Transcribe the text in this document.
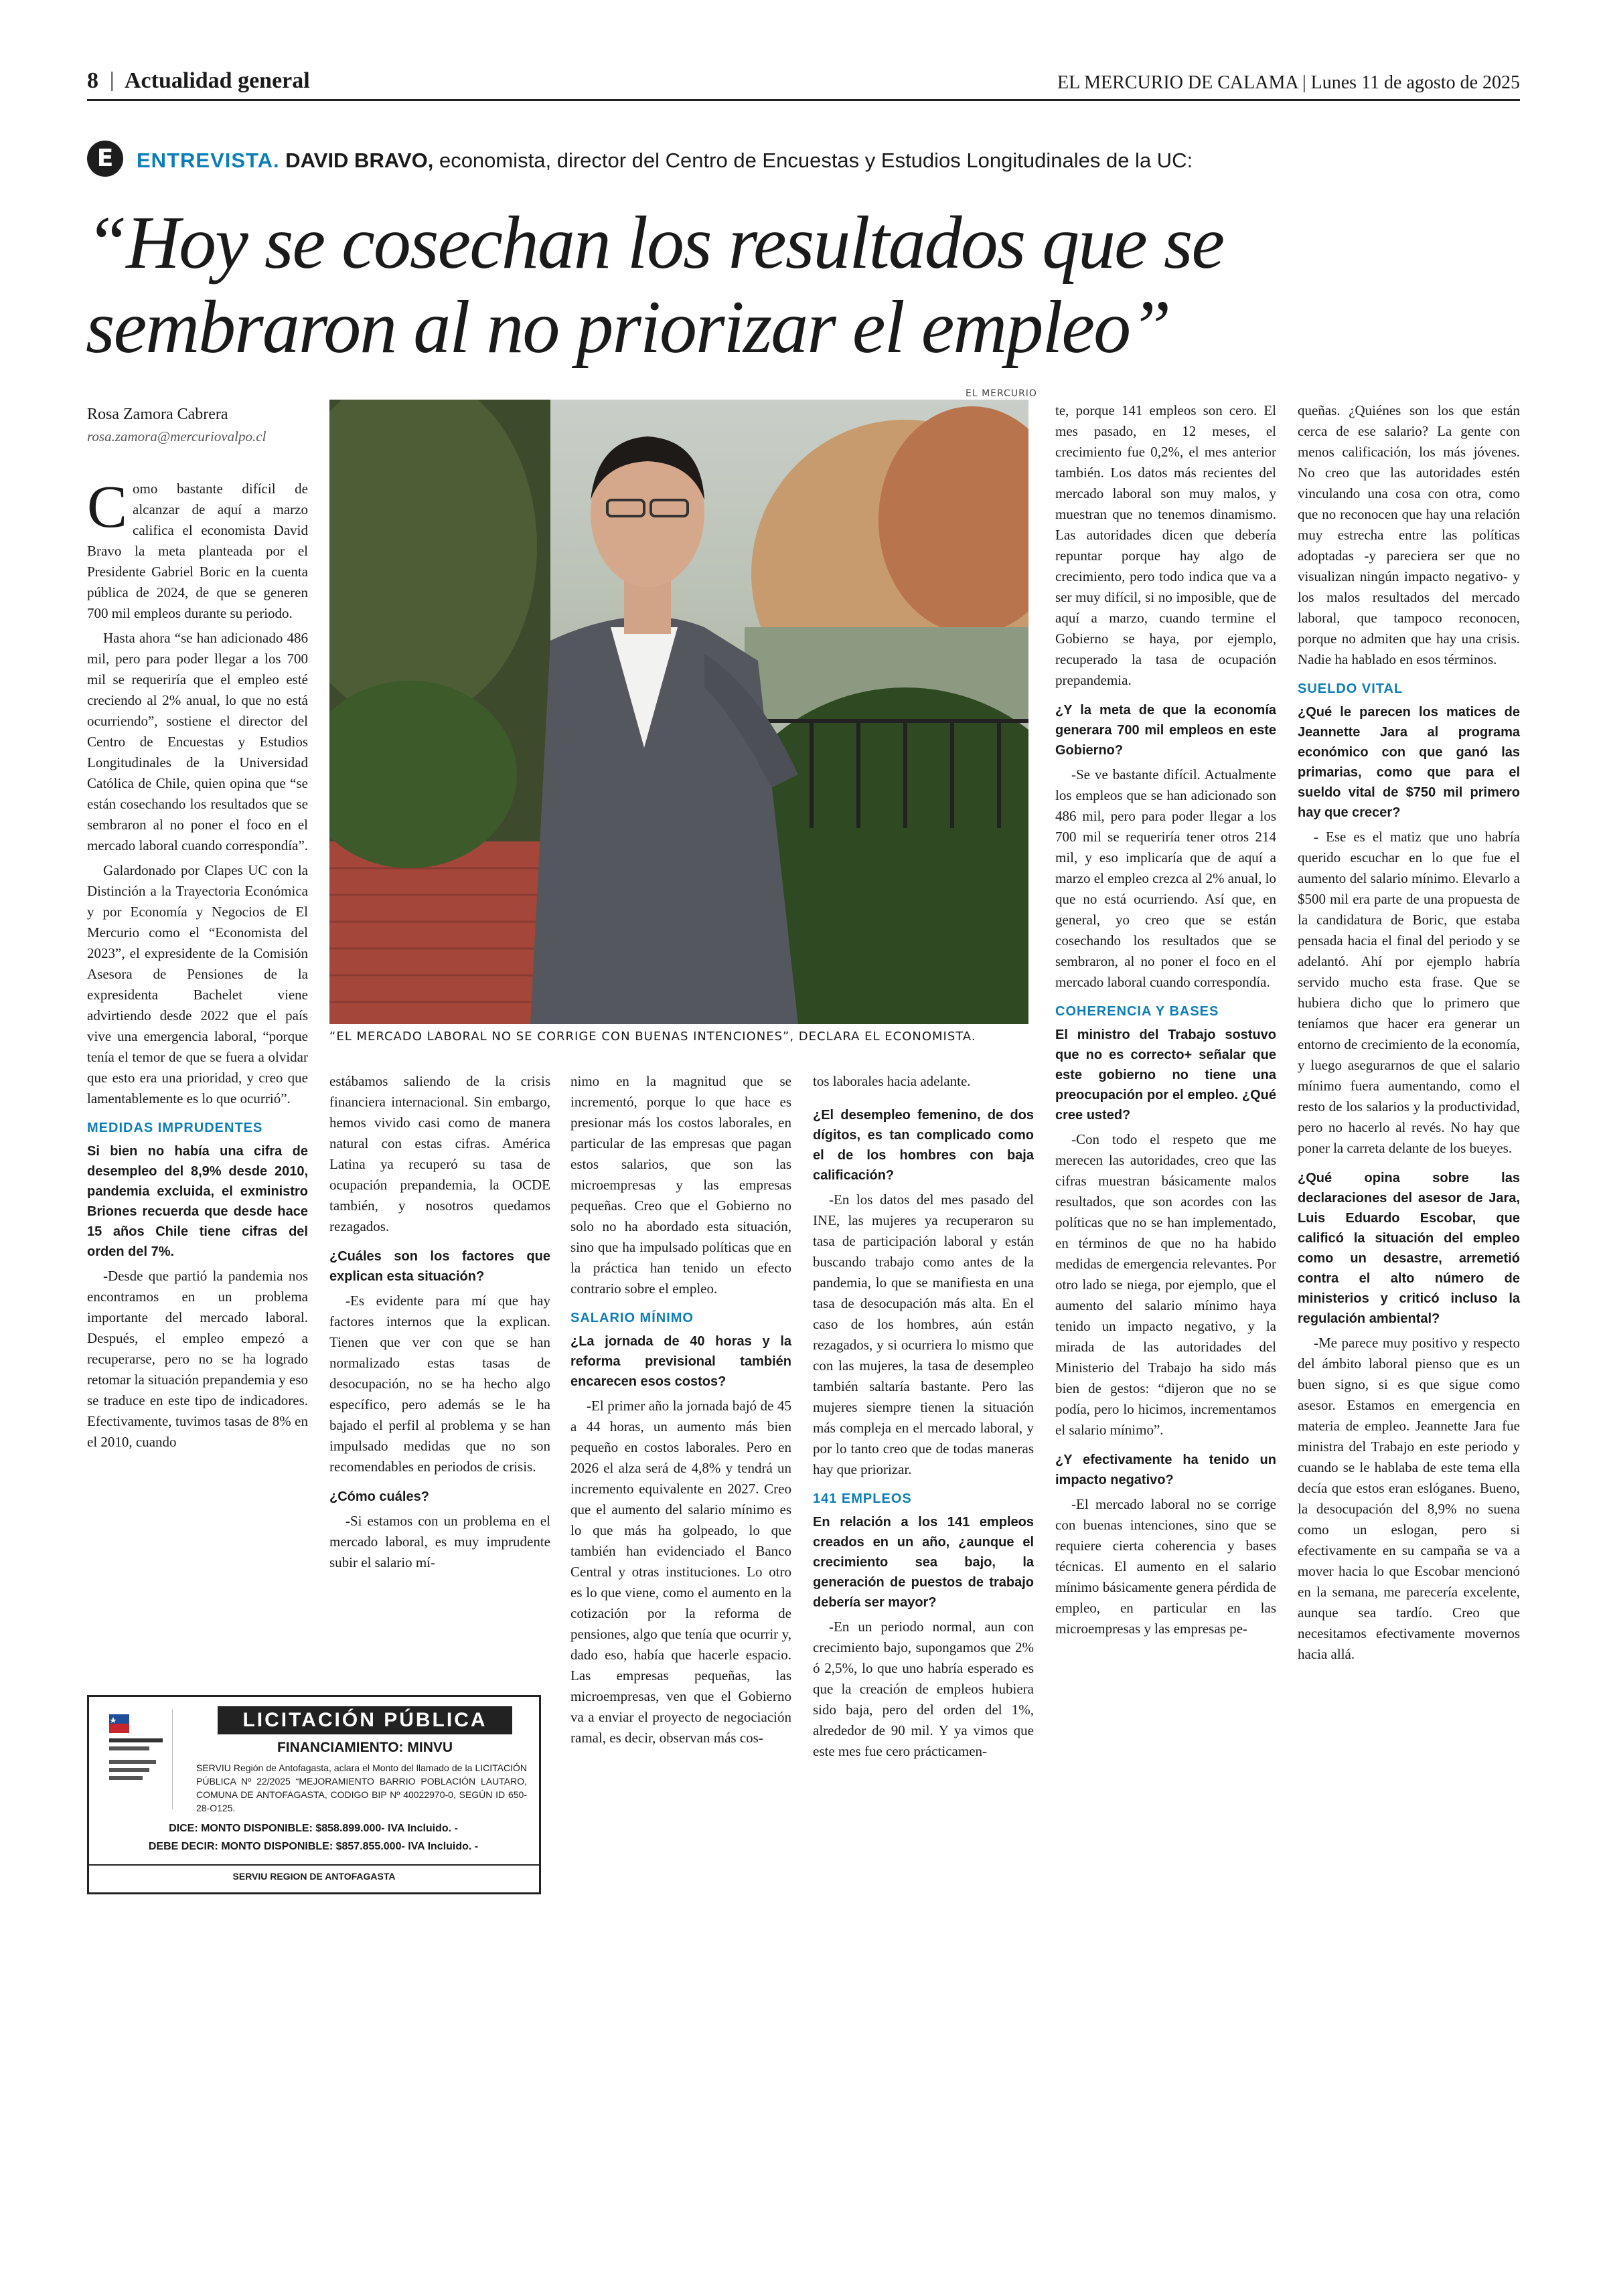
8 | Actualidad general	EL MERCURIO DE CALAMA | Lunes 11 de agosto de 2025
E	ENTREVISTA. DAVID BRAVO, economista, director del Centro de Encuestas y Estudios Longitudinales de la UC:
“Hoy se cosechan los resultados que se
sembraron al no priorizar el empleo”
Rosa Zamora Cabrera
rosa.zamora@mercuriovalpo.cl
EL MERCURIO
“EL MERCADO LABORAL NO SE CORRIGE CON BUENAS INTENCIONES”, DECLARA EL ECONOMISTA.

Como bastante difícil de alcanzar de aquí a marzo califica el economista David Bravo la meta planteada por el Presidente Gabriel Boric en la cuenta pública de 2024, de que se generen 700 mil empleos durante su periodo.

Hasta ahora “se han adicionado 486 mil, pero para poder llegar a los 700 mil se requeriría que el empleo esté creciendo al 2% anual, lo que no está ocurriendo”, sostiene el director del Centro de Encuestas y Estudios Longitudinales de la Universidad Católica de Chile, quien opina que “se están cosechando los resultados que se sembraron al no poner el foco en el mercado laboral cuando correspondía”.

Galardonado por Clapes UC con la Distinción a la Trayectoria Económica y por Economía y Negocios de El Mercurio como el “Economista del 2023”, el expresidente de la Comisión Asesora de Pensiones de la expresidenta Bachelet viene advirtiendo desde 2022 que el país vive una emergencia laboral, “porque tenía el temor de que se fuera a olvidar que esto era una prioridad, y creo que lamentablemente es lo que ocurrió”.

MEDIDAS IMPRUDENTES

Si bien no había una cifra de desempleo del 8,9% desde 2010, pandemia excluida, el exministro Briones recuerda que desde hace 15 años Chile tiene cifras del orden del 7%.

-Desde que partió la pandemia nos encontramos en un problema importante del mercado laboral. Después, el empleo empezó a recuperarse, pero no se ha logrado retomar la situación prepandemia y eso se traduce en este tipo de indicadores. Efectivamente, tuvimos tasas de 8% en el 2010, cuando

estábamos saliendo de la crisis financiera internacional. Sin embargo, hemos vivido casi como de manera natural con estas cifras. América Latina ya recuperó su tasa de ocupación prepandemia, la OCDE también, y nosotros quedamos rezagados.

¿Cuáles son los factores que explican esta situación?

-Es evidente para mí que hay factores internos que la explican. Tienen que ver con que se han normalizado estas tasas de desocupación, no se ha hecho algo específico, pero además se le ha bajado el perfil al problema y se han impulsado medidas que no son recomendables en periodos de crisis.

¿Cómo cuáles?

-Si estamos con un problema en el mercado laboral, es muy imprudente subir el salario mí-

nimo en la magnitud que se incrementó, porque lo que hace es presionar más los costos laborales, en particular de las empresas que pagan estos salarios, que son las microempresas y las empresas pequeñas. Creo que el Gobierno no solo no ha abordado esta situación, sino que ha impulsado políticas que en la práctica han tenido un efecto contrario sobre el empleo.

SALARIO MÍNIMO

¿La jornada de 40 horas y la reforma previsional también encarecen esos costos?

-El primer año la jornada bajó de 45 a 44 horas, un aumento más bien pequeño en costos laborales. Pero en 2026 el alza será de 4,8% y tendrá un incremento equivalente en 2027. Creo que el aumento del salario mínimo es lo que más ha golpeado, lo que también han evidenciado el Banco Central y otras instituciones. Lo otro es lo que viene, como el aumento en la cotización por la reforma de pensiones, algo que tenía que ocurrir y, dado eso, había que hacerle espacio. Las empresas pequeñas, las microempresas, ven que el Gobierno va a enviar el proyecto de negociación ramal, es decir, observan más cos-

tos laborales hacia adelante.

¿El desempleo femenino, de dos dígitos, es tan complicado como el de los hombres con baja calificación?

-En los datos del mes pasado del INE, las mujeres ya recuperaron su tasa de participación laboral y están buscando trabajo como antes de la pandemia, lo que se manifiesta en una tasa de desocupación más alta. En el caso de los hombres, aún están rezagados, y si ocurriera lo mismo que con las mujeres, la tasa de desempleo también saltaría bastante. Pero las mujeres siempre tienen la situación más compleja en el mercado laboral, y por lo tanto creo que de todas maneras hay que priorizar.

141 EMPLEOS

En relación a los 141 empleos creados en un año, ¿aunque el crecimiento sea bajo, la generación de puestos de trabajo debería ser mayor?

-En un periodo normal, aun con crecimiento bajo, supongamos que 2% ó 2,5%, lo que uno habría esperado es que la creación de empleos hubiera sido baja, pero del orden del 1%, alrededor de 90 mil. Y ya vimos que este mes fue cero prácticamen-

te, porque 141 empleos son cero. El mes pasado, en 12 meses, el crecimiento fue 0,2%, el mes anterior también. Los datos más recientes del mercado laboral son muy malos, y muestran que no tenemos dinamismo. Las autoridades dicen que debería repuntar porque hay algo de crecimiento, pero todo indica que va a ser muy difícil, si no imposible, que de aquí a marzo, cuando termine el Gobierno se haya, por ejemplo, recuperado la tasa de ocupación prepandemia.

¿Y la meta de que la economía generara 700 mil empleos en este Gobierno?

-Se ve bastante difícil. Actualmente los empleos que se han adicionado son 486 mil, pero para poder llegar a los 700 mil se requeriría tener otros 214 mil, y eso implicaría que de aquí a marzo el empleo crezca al 2% anual, lo que no está ocurriendo. Así que, en general, yo creo que se están cosechando los resultados que se sembraron, al no poner el foco en el mercado laboral cuando correspondía.

COHERENCIA Y BASES

El ministro del Trabajo sostuvo que no es correcto+ señalar que este gobierno no tiene una preocupación por el empleo. ¿Qué cree usted?

-Con todo el respeto que me merecen las autoridades, creo que las cifras muestran básicamente malos resultados, que son acordes con las políticas que no se han implementado, en términos de que no ha habido medidas de emergencia relevantes. Por otro lado se niega, por ejemplo, que el aumento del salario mínimo haya tenido un impacto negativo, y la mirada de las autoridades del Ministerio del Trabajo ha sido más bien de gestos: “dijeron que no se podía, pero lo hicimos, incrementamos el salario mínimo”.

¿Y efectivamente ha tenido un impacto negativo?

-El mercado laboral no se corrige con buenas intenciones, sino que se requiere cierta coherencia y bases técnicas. El aumento en el salario mínimo básicamente genera pérdida de empleo, en particular en las microempresas y las empresas pe-

queñas. ¿Quiénes son los que están cerca de ese salario? La gente con menos calificación, los más jóvenes. No creo que las autoridades estén vinculando una cosa con otra, como que no reconocen que hay una relación muy estrecha entre las políticas adoptadas -y pareciera ser que no visualizan ningún impacto negativo- y los malos resultados del mercado laboral, que tampoco reconocen, porque no admiten que hay una crisis. Nadie ha hablado en esos términos.

SUELDO VITAL

¿Qué le parecen los matices de Jeannette Jara al programa económico con que ganó las primarias, como que para el sueldo vital de $750 mil primero hay que crecer?

- Ese es el matiz que uno habría querido escuchar en lo que fue el aumento del salario mínimo. Elevarlo a $500 mil era parte de una propuesta de la candidatura de Boric, que estaba pensada hacia el final del periodo y se adelantó. Ahí por ejemplo habría servido mucho esta frase. Que se hubiera dicho que lo primero que teníamos que hacer era generar un entorno de crecimiento de la economía, y luego asegurarnos de que el salario mínimo fuera aumentando, como el resto de los salarios y la productividad, pero no hacerlo al revés. No hay que poner la carreta delante de los bueyes.

¿Qué opina sobre las declaraciones del asesor de Jara, Luis Eduardo Escobar, que calificó la situación del empleo como un desastre, arremetió contra el alto número de ministerios y criticó incluso la regulación ambiental?

-Me parece muy positivo y respecto del ámbito laboral pienso que es un buen signo, si es que sigue como asesor. Estamos en emergencia en materia de empleo. Jeannette Jara fue ministra del Trabajo en este periodo y cuando se le hablaba de este tema ella decía que estos eran eslóganes. Bueno, la desocupación del 8,9% no suena como un eslogan, pero si efectivamente en su campaña se va a mover hacia lo que Escobar mencionó en la semana, me parecería excelente, aunque sea tardío. Creo que necesitamos efectivamente movernos hacia allá.

LICITACIÓN PÚBLICA
FINANCIAMIENTO: MINVU
SERVIU Región de Antofagasta, aclara el Monto del llamado de la LICITACIÓN PÚBLICA Nº 22/2025 “MEJORAMIENTO BARRIO POBLACIÓN LAUTARO, COMUNA DE ANTOFAGASTA, CODIGO BIP Nº 40022970-0, SEGÚN ID 650-28-O125.
DICE: MONTO DISPONIBLE: $858.899.000- IVA Incluido. -
DEBE DECIR: MONTO DISPONIBLE: $857.855.000- IVA Incluido. -
SERVIU REGION DE ANTOFAGASTA
